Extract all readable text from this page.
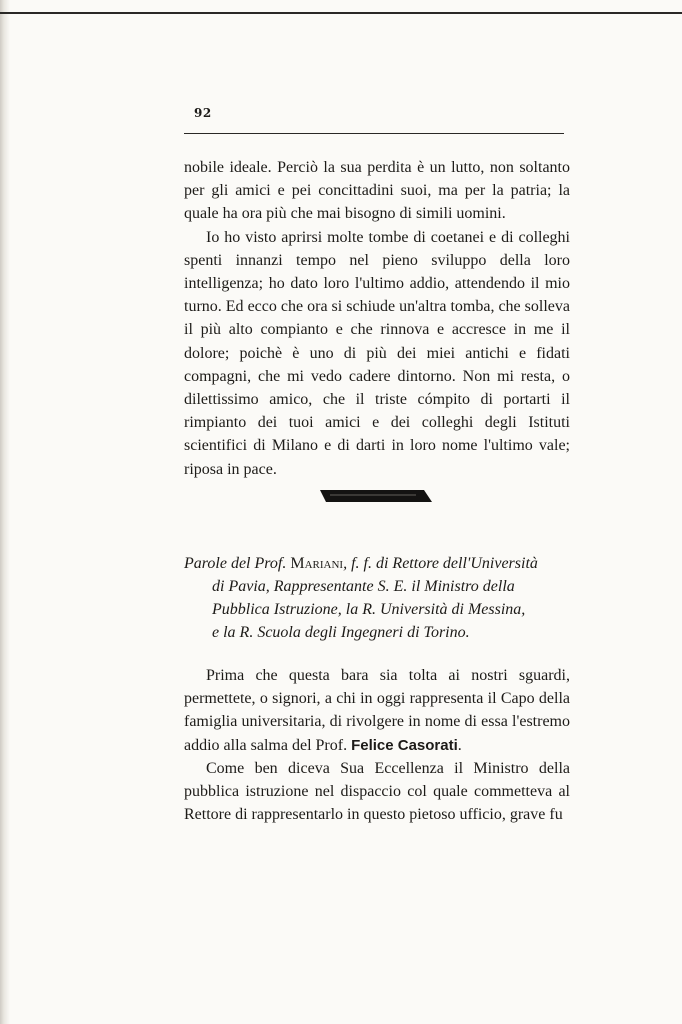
92

nobile ideale. Perciò la sua perdita è un lutto, non soltanto per gli amici e pei concittadini suoi, ma per la patria; la quale ha ora più che mai bisogno di simili uomini.

Io ho visto aprirsi molte tombe di coetanei e di colleghi spenti innanzi tempo nel pieno sviluppo della loro intelligenza; ho dato loro l'ultimo addio, attendendo il mio turno. Ed ecco che ora si schiude un'altra tomba, che solleva il più alto compianto e che rinnova e accresce in me il dolore; poichè è uno di più dei miei antichi e fidati compagni, che mi vedo cadere dintorno. Non mi resta, o dilettissimo amico, che il triste cómpito di portarti il rimpianto dei tuoi amici e dei colleghi degli Istituti scientifici di Milano e di darti in loro nome l'ultimo vale; riposa in pace.

Parole del Prof. Mariani, f. f. di Rettore dell'Università
di Pavia, Rappresentante S. E. il Ministro della
Pubblica Istruzione, la R. Università di Messina,
e la R. Scuola degli Ingegneri di Torino.

Prima che questa bara sia tolta ai nostri sguardi, permettete, o signori, a chi in oggi rappresenta il Capo della famiglia universitaria, di rivolgere in nome di essa l'estremo addio alla salma del Prof. Felice Casorati.

Come ben diceva Sua Eccellenza il Ministro della pubblica istruzione nel dispaccio col quale commetteva al Rettore di rappresentarlo in questo pietoso ufficio, grave fu
